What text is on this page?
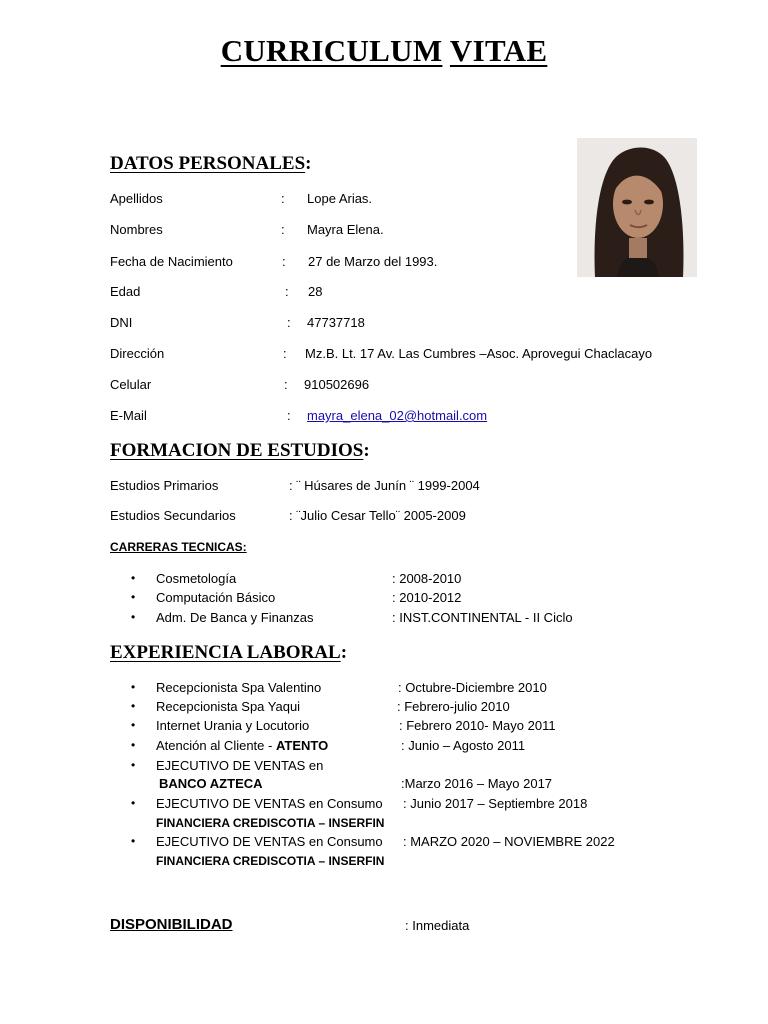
CURRICULUM VITAE
DATOS PERSONALES:
Apellidos	: Lope Arias.
Nombres	: Mayra Elena.
Fecha de Nacimiento	: 27 de Marzo del 1993.
Edad	: 28
DNI	: 47737718
Dirección	: Mz.B. Lt. 17 Av. Las Cumbres –Asoc. Aprovegui Chaclacayo
Celular	: 910502696
E-Mail	: mayra_elena_02@hotmail.com
FORMACION DE ESTUDIOS:
Estudios Primarios	: ¨ Húsares de Junín ¨ 1999-2004
Estudios Secundarios	: ¨Julio Cesar Tello¨ 2005-2009
CARRERAS TECNICAS:
• Cosmetología	: 2008-2010
• Computación Básico	: 2010-2012
• Adm. De Banca y Finanzas	: INST.CONTINENTAL - II Ciclo
EXPERIENCIA LABORAL:
• Recepcionista Spa Valentino	: Octubre-Diciembre 2010
• Recepcionista Spa Yaqui	: Febrero-julio 2010
• Internet Urania y Locutorio	: Febrero 2010- Mayo 2011
• Atención al Cliente - ATENTO	: Junio – Agosto 2011
• EJECUTIVO DE VENTAS en
BANCO AZTECA	:Marzo 2016 – Mayo 2017
• EJECUTIVO DE VENTAS en Consumo : Junio 2017 – Septiembre 2018
FINANCIERA CREDISCOTIA – INSERFIN
• EJECUTIVO DE VENTAS en Consumo : MARZO 2020 – NOVIEMBRE 2022
FINANCIERA CREDISCOTIA – INSERFIN
DISPONIBILIDAD	: Inmediata
